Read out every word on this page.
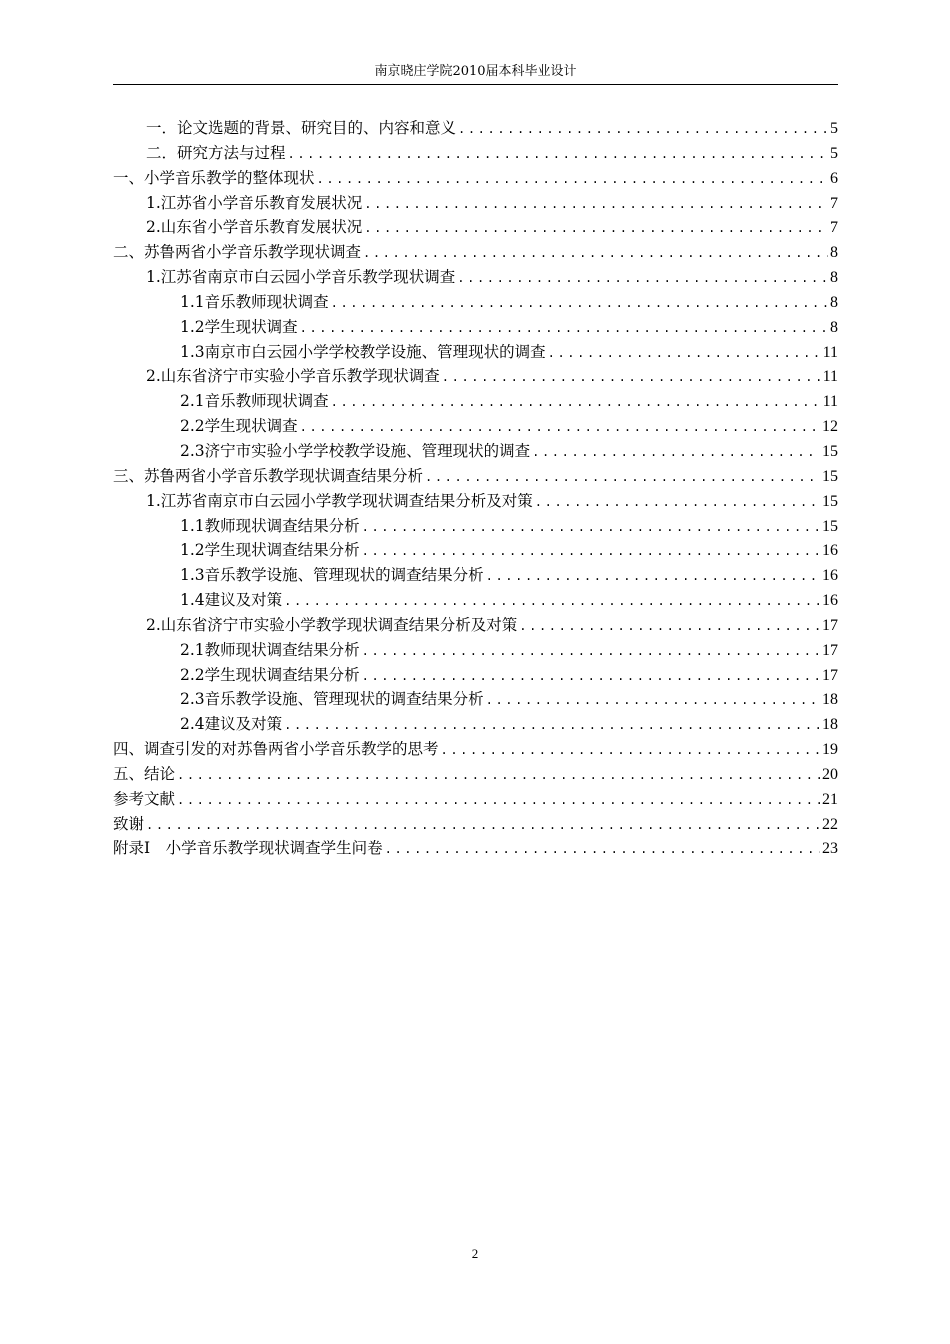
南京晓庄学院2010届本科毕业设计
一．论文选题的背景、研究目的、内容和意义 .....	5
二．研究方法与过程 .....	5
一、小学音乐教学的整体现状 .....	6
1.江苏省小学音乐教育发展状况 .....	7
2.山东省小学音乐教育发展状况 .....	7
二、苏鲁两省小学音乐教学现状调查 .....	8
1.江苏省南京市白云园小学音乐教学现状调查 .....	8
1.1音乐教师现状调查 .....	8
1.2学生现状调查 .....	8
1.3南京市白云园小学学校教学设施、管理现状的调查 .....	11
2.山东省济宁市实验小学音乐教学现状调查 .....	11
2.1音乐教师现状调查 .....	11
2.2学生现状调查 .....	12
2.3济宁市实验小学学校教学设施、管理现状的调查 .....	15
三、苏鲁两省小学音乐教学现状调查结果分析 .....	15
1.江苏省南京市白云园小学教学现状调查结果分析及对策 .....	15
1.1教师现状调查结果分析 .....	15
1.2学生现状调查结果分析 .....	16
1.3音乐教学设施、管理现状的调查结果分析 .....	16
1.4建议及对策 .....	16
2.山东省济宁市实验小学教学现状调查结果分析及对策 .....	17
2.1教师现状调查结果分析 .....	17
2.2学生现状调查结果分析 .....	17
2.3音乐教学设施、管理现状的调查结果分析 .....	18
2.4建议及对策 .....	18
四、调查引发的对苏鲁两省小学音乐教学的思考 .....	19
五、结论 .....	20
参考文献 .....	21
致谢 .....	22
附录Ⅰ　小学音乐教学现状调查学生问卷 .....	23
2
